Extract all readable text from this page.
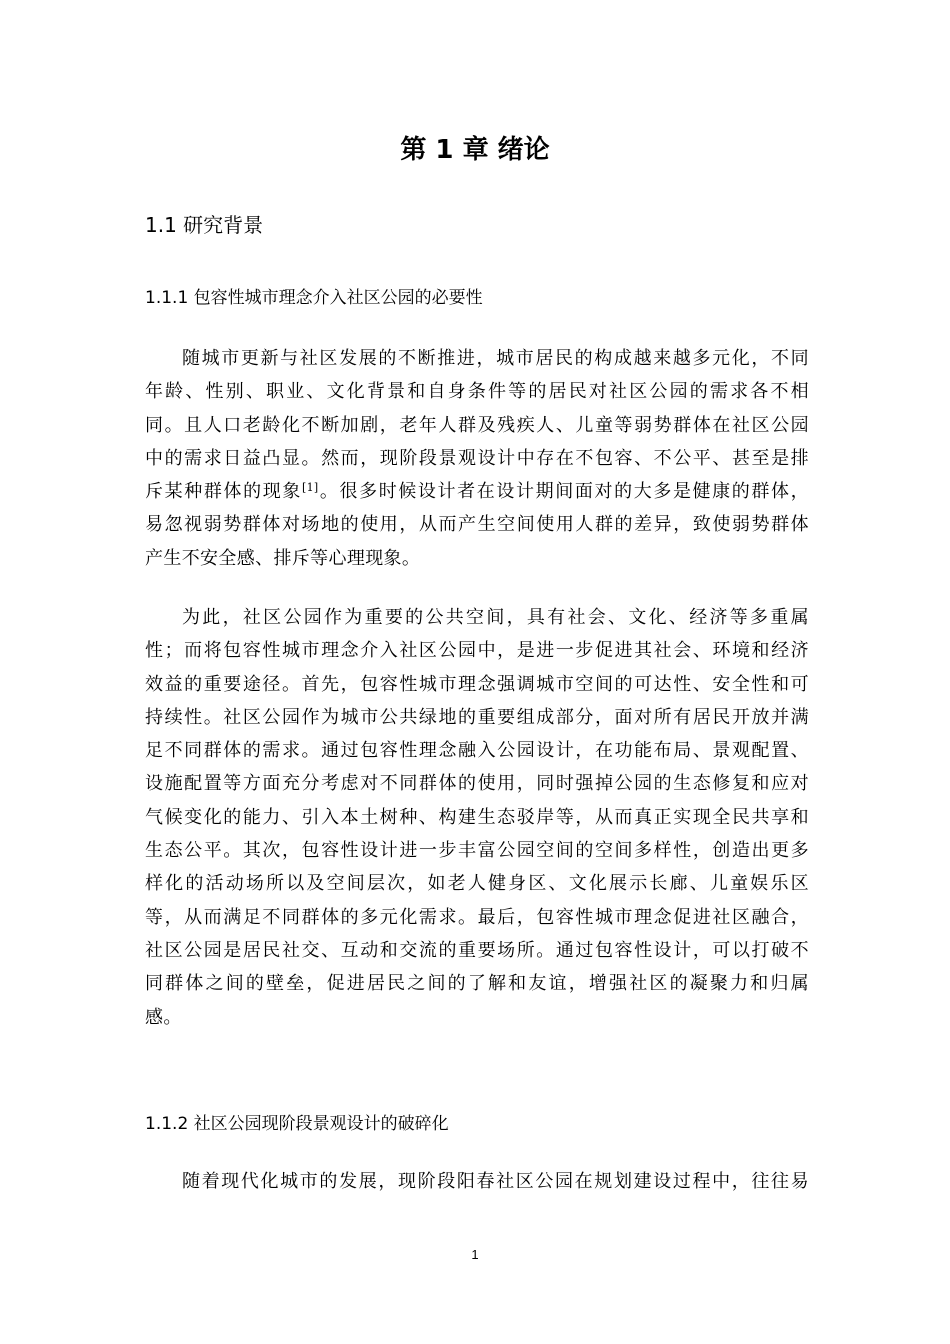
第 1 章 绪论
1.1 研究背景
1.1.1 包容性城市理念介入社区公园的必要性

随城市更新与社区发展的不断推进，城市居民的构成越来越多元化，不同
年龄、性别、职业、文化背景和自身条件等的居民对社区公园的需求各不相
同。且人口老龄化不断加剧，老年人群及残疾人、儿童等弱势群体在社区公园
中的需求日益凸显。然而，现阶段景观设计中存在不包容、不公平、甚至是排
斥某种群体的现象[1]。很多时候设计者在设计期间面对的大多是健康的群体，
易忽视弱势群体对场地的使用，从而产生空间使用人群的差异，致使弱势群体
产生不安全感、排斥等心理现象。

为此，社区公园作为重要的公共空间，具有社会、文化、经济等多重属
性；而将包容性城市理念介入社区公园中，是进一步促进其社会、环境和经济
效益的重要途径。首先，包容性城市理念强调城市空间的可达性、安全性和可
持续性。社区公园作为城市公共绿地的重要组成部分，面对所有居民开放并满
足不同群体的需求。通过包容性理念融入公园设计，在功能布局、景观配置、
设施配置等方面充分考虑对不同群体的使用，同时强掉公园的生态修复和应对
气候变化的能力、引入本土树种、构建生态驳岸等，从而真正实现全民共享和
生态公平。其次，包容性设计进一步丰富公园空间的空间多样性，创造出更多
样化的活动场所以及空间层次，如老人健身区、文化展示长廊、儿童娱乐区
等，从而满足不同群体的多元化需求。最后，包容性城市理念促进社区融合，
社区公园是居民社交、互动和交流的重要场所。通过包容性设计，可以打破不
同群体之间的壁垒，促进居民之间的了解和友谊，增强社区的凝聚力和归属
感。

1.1.2 社区公园现阶段景观设计的破碎化

随着现代化城市的发展，现阶段阳春社区公园在规划建设过程中，往往易

1
